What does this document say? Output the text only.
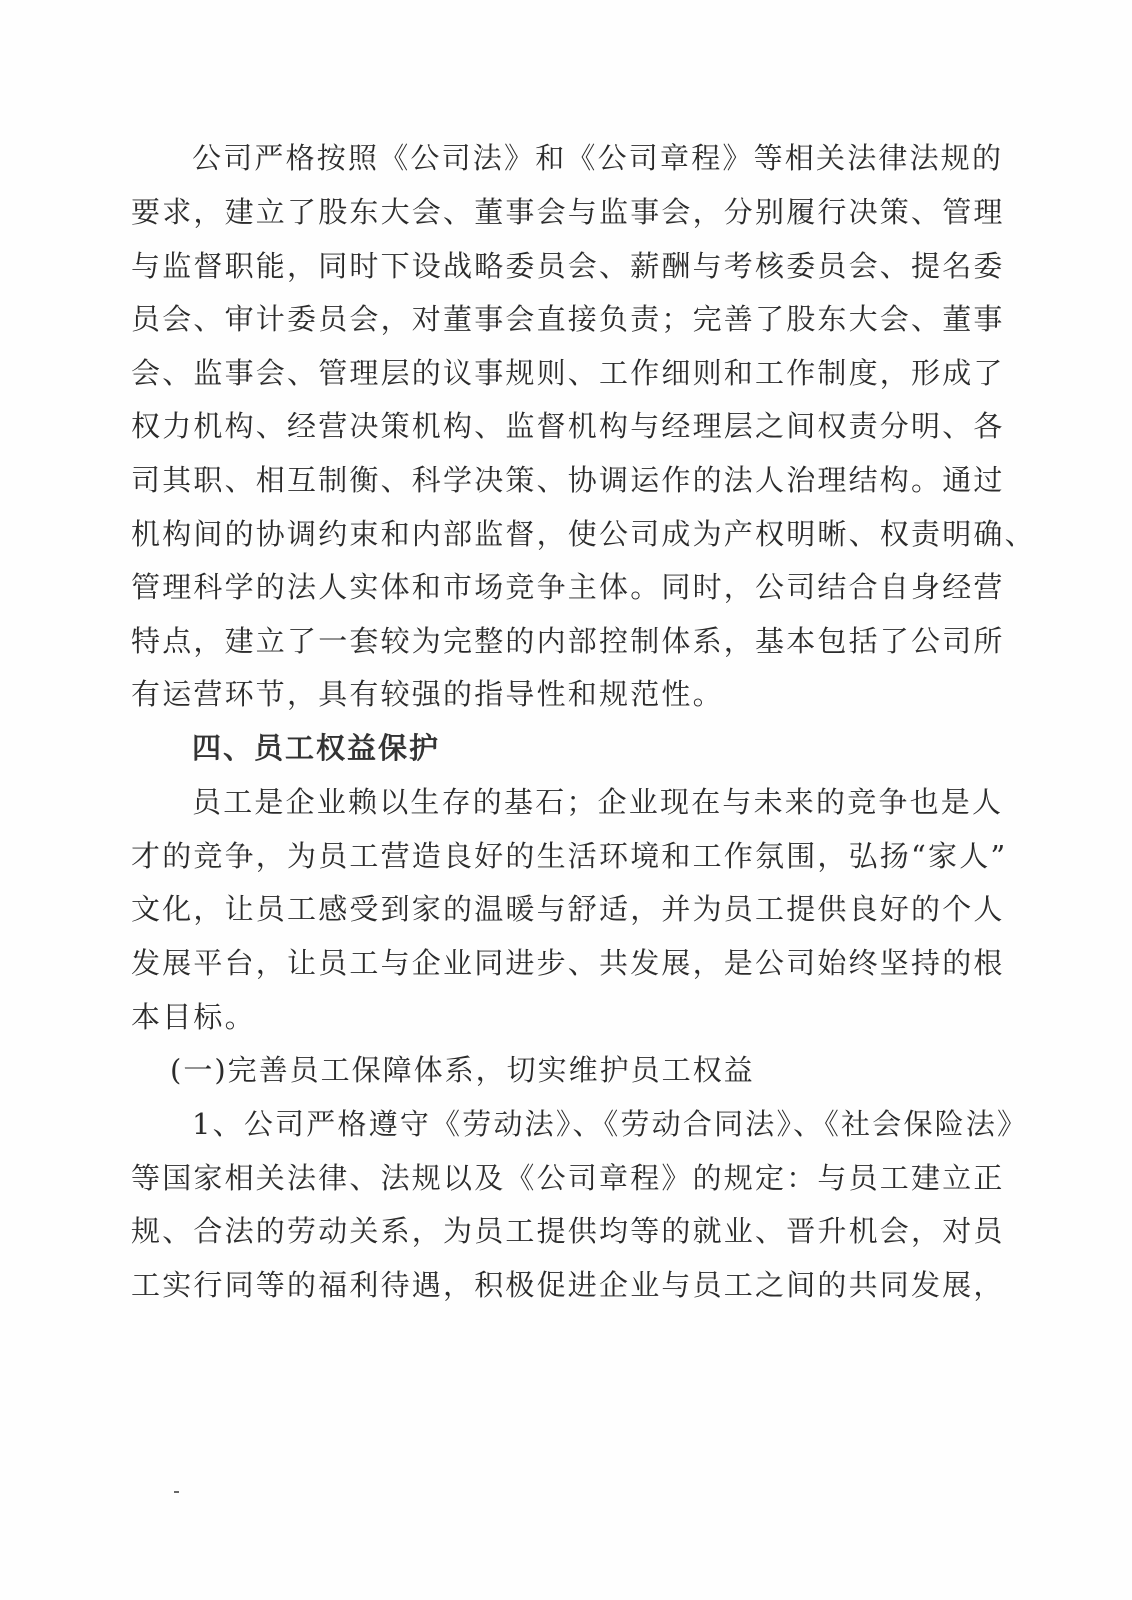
公司严格按照《公司法》和《公司章程》等相关法律法规的
要求，建立了股东大会、董事会与监事会，分别履行决策、管理
与监督职能，同时下设战略委员会、薪酬与考核委员会、提名委
员会、审计委员会，对董事会直接负责；完善了股东大会、董事
会、监事会、管理层的议事规则、工作细则和工作制度，形成了
权力机构、经营决策机构、监督机构与经理层之间权责分明、各
司其职、相互制衡、科学决策、协调运作的法人治理结构。通过
机构间的协调约束和内部监督，使公司成为产权明晰、权责明确、
管理科学的法人实体和市场竞争主体。同时，公司结合自身经营
特点，建立了一套较为完整的内部控制体系，基本包括了公司所
有运营环节，具有较强的指导性和规范性。
四、员工权益保护
员工是企业赖以生存的基石；企业现在与未来的竞争也是人
才的竞争，为员工营造良好的生活环境和工作氛围，弘扬“家人”
文化，让员工感受到家的温暖与舒适，并为员工提供良好的个人
发展平台，让员工与企业同进步、共发展，是公司始终坚持的根
本目标。
(一)完善员工保障体系，切实维护员工权益
1、公司严格遵守《劳动法》、《劳动合同法》、《社会保险法》
等国家相关法律、法规以及《公司章程》的规定：与员工建立正
规、合法的劳动关系，为员工提供均等的就业、晋升机会，对员
工实行同等的福利待遇，积极促进企业与员工之间的共同发展，
